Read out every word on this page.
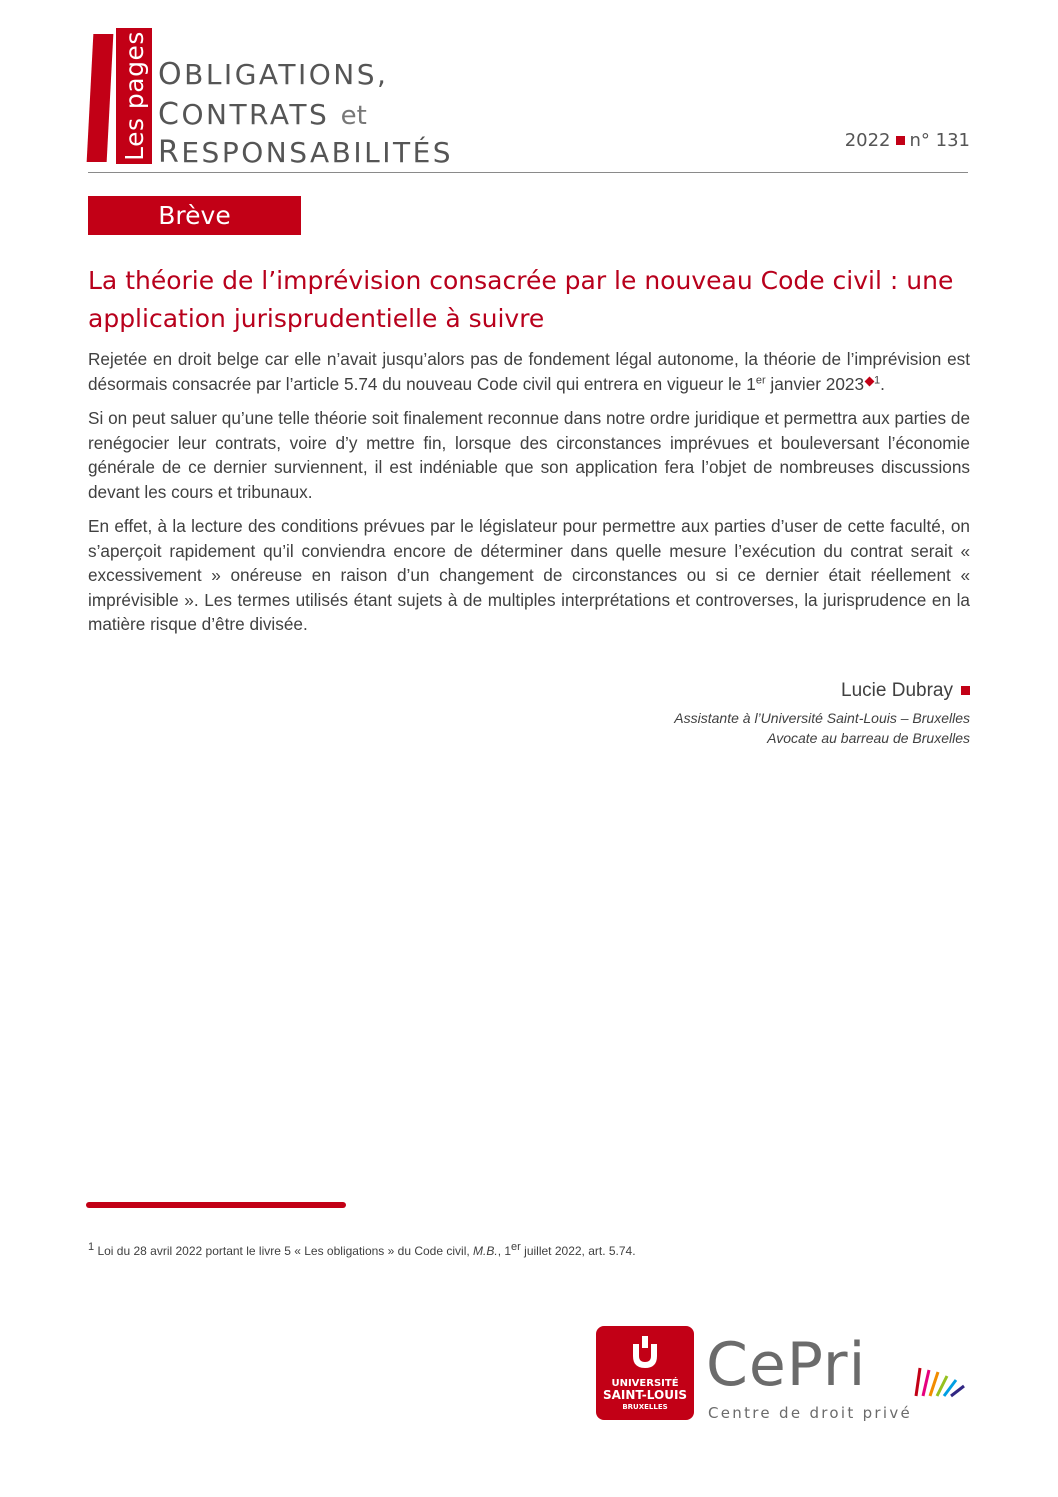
Les pages OBLIGATIONS,
CONTRATS et
RESPONSABILITÉS	2022 n° 131
Brève
La théorie de l’imprévision consacrée par le nouveau Code civil : une application jurisprudentielle à suivre

Rejetée en droit belge car elle n’avait jusqu’alors pas de fondement légal autonome, la théorie de l’imprévision est désormais consacrée par l’article 5.74 du nouveau Code civil qui entrera en vigueur le 1er janvier 2023 $^1$.

Si on peut saluer qu’une telle théorie soit finalement reconnue dans notre ordre juridique et permettra aux parties de renégocier leur contrats, voire d’y mettre fin, lorsque des circonstances imprévues et bouleversant l’économie générale de ce dernier surviennent, il est indéniable que son application fera l’objet de nombreuses discussions devant les cours et tribunaux.

En effet, à la lecture des conditions prévues par le législateur pour permettre aux parties d’user de cette faculté, on s’aperçoit rapidement qu’il conviendra encore de déterminer dans quelle mesure l’exécution du contrat serait « excessivement » onéreuse en raison d’un changement de circonstances ou si ce dernier était réellement « imprévisible ». Les termes utilisés étant sujets à de multiples interprétations et controverses, la jurisprudence en la matière risque d’être divisée.

Lucie Dubray
Assistante à l’Université Saint-Louis – Bruxelles
Avocate au barreau de Bruxelles
$^1$ Loi du 28 avril 2022 portant le livre 5 « Les obligations » du Code civil, M.B., 1er juillet 2022, art. 5.74.
UNIVERSITÉ
SAINT-LOUIS
BRUXELLES
CePri
Centre de droit privé
